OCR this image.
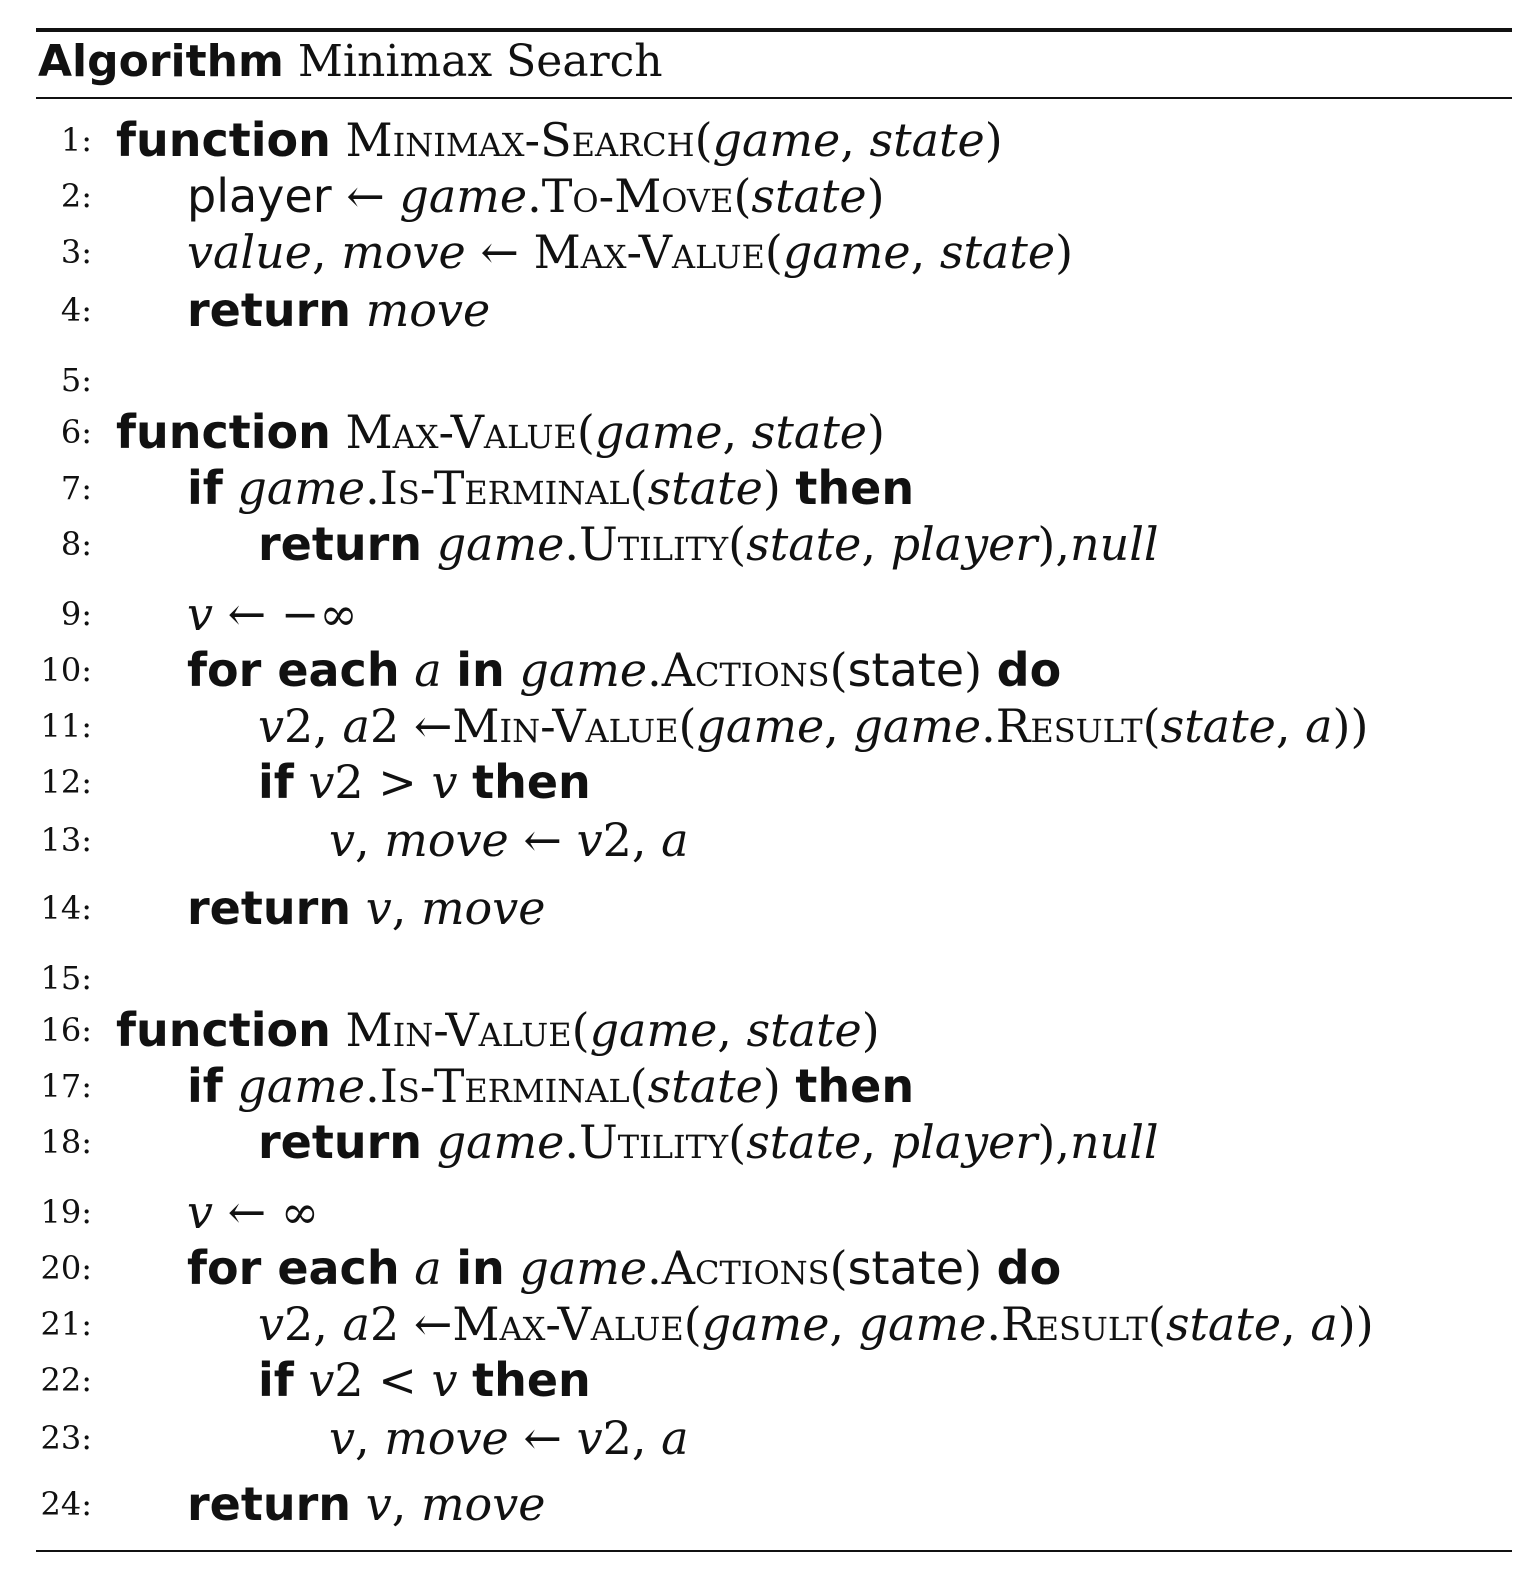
Algorithm Minimax Search
1: function Minimax-Search(game, state)
2: player ← game.To-Move(state)
3: value, move ← Max-Value(game, state)
4: return move
5:
6: function Max-Value(game, state)
7: if game.Is-Terminal(state) then
8:	return game.Utility(state, player),null
9: v ← −∞
10: for each a in game.Actions(state) do
11:	v2, a2 ←Min-Value(game, game.Result(state, a))
12:	if v2 > v then
13:	v, move ← v2, a
14: return v, move
15:
16: function Min-Value(game, state)
17: if game.Is-Terminal(state) then
18:	return game.Utility(state, player),null
19: v ← ∞
20: for each a in game.Actions(state) do
21:	v2, a2 ←Max-Value(game, game.Result(state, a))
22:	if v2 < v then
23:	v, move ← v2, a
24: return v, move
